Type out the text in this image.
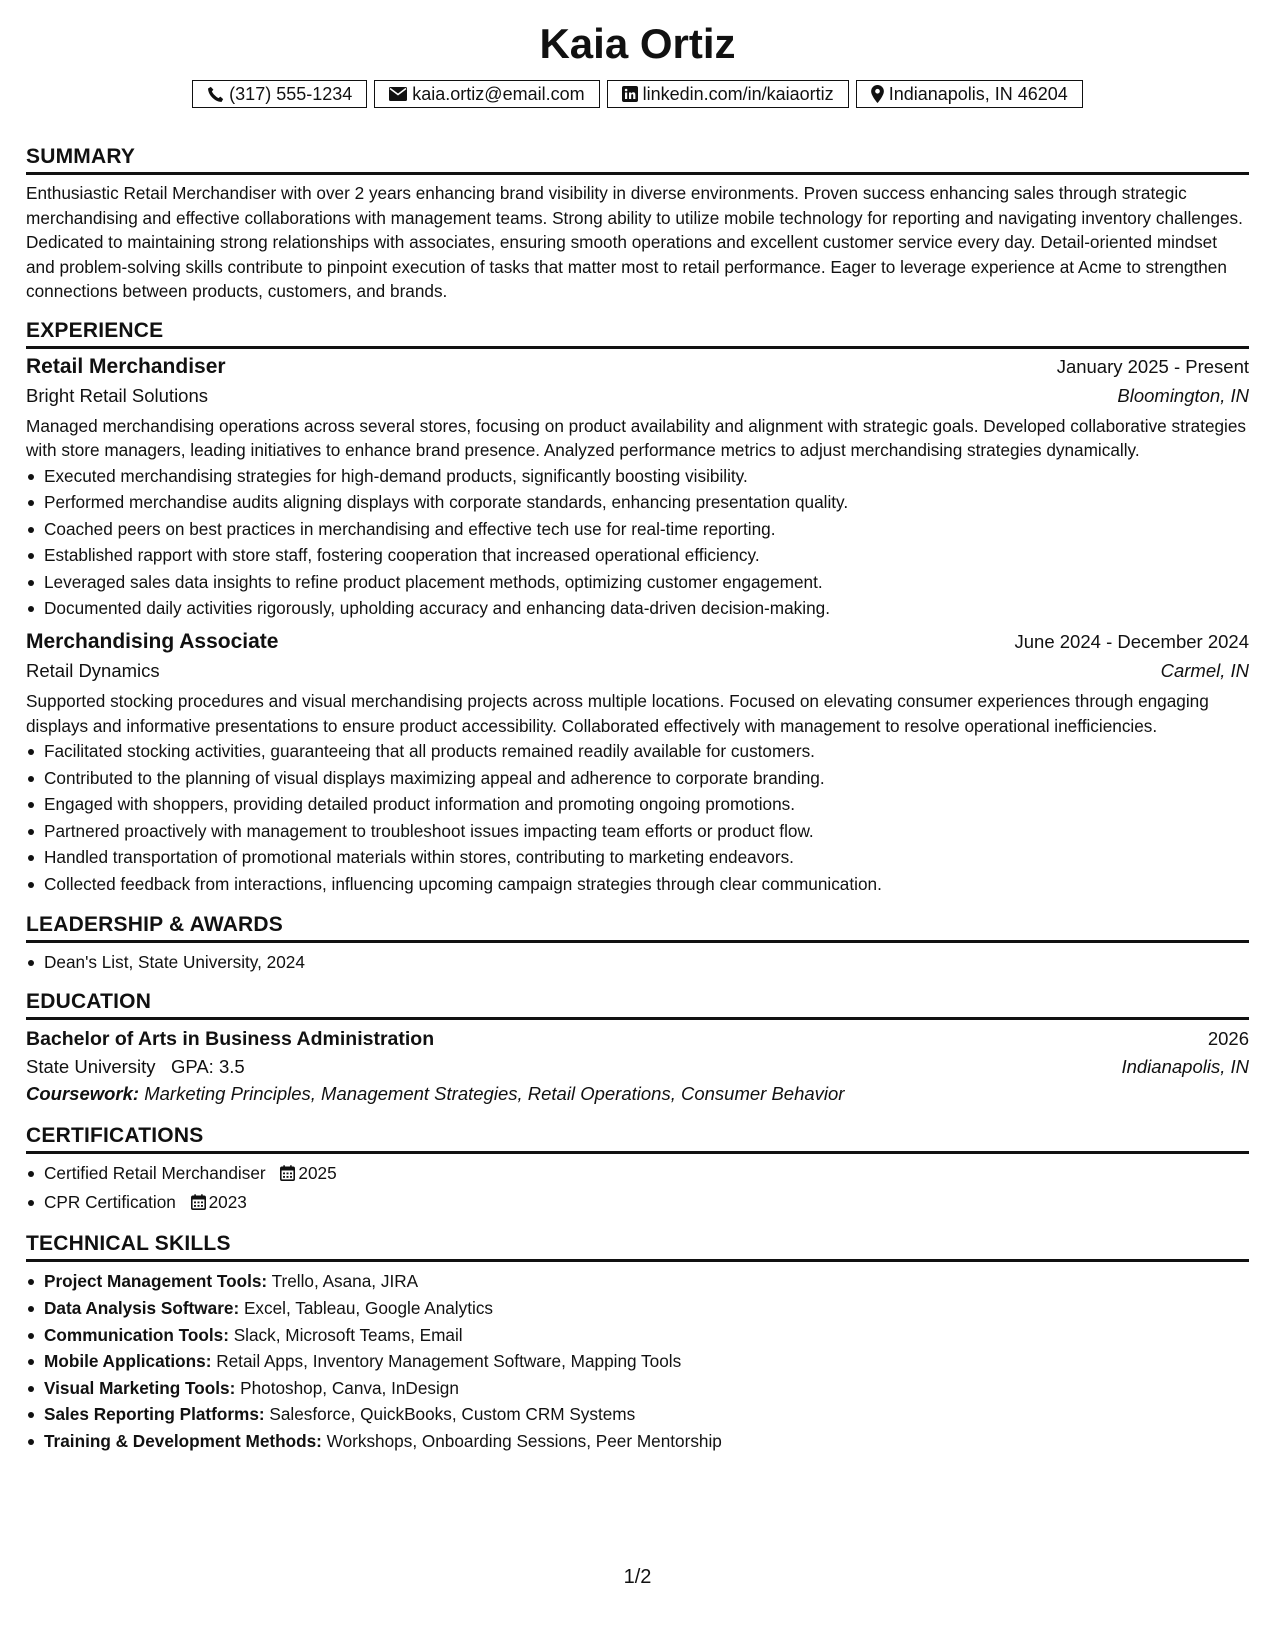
Kaia Ortiz
(317) 555-1234	kaia.ortiz@email.com	linkedin.com/in/kaiaortiz	Indianapolis, IN 46204
SUMMARY

Enthusiastic Retail Merchandiser with over 2 years enhancing brand visibility in diverse environments. Proven success enhancing sales through strategic merchandising and effective collaborations with management teams. Strong ability to utilize mobile technology for reporting and navigating inventory challenges. Dedicated to maintaining strong relationships with associates, ensuring smooth operations and excellent customer service every day. Detail-oriented mindset and problem-solving skills contribute to pinpoint execution of tasks that matter most to retail performance. Eager to leverage experience at Acme to strengthen connections between products, customers, and brands.

EXPERIENCE
Retail Merchandiser	January 2025 - Present
Bright Retail Solutions	Bloomington, IN

Managed merchandising operations across several stores, focusing on product availability and alignment with strategic goals. Developed collaborative strategies with store managers, leading initiatives to enhance brand presence. Analyzed performance metrics to adjust merchandising strategies dynamically.

Executed merchandising strategies for high-demand products, significantly boosting visibility.
Performed merchandise audits aligning displays with corporate standards, enhancing presentation quality.
Coached peers on best practices in merchandising and effective tech use for real-time reporting.
Established rapport with store staff, fostering cooperation that increased operational efficiency.
Leveraged sales data insights to refine product placement methods, optimizing customer engagement.
Documented daily activities rigorously, upholding accuracy and enhancing data-driven decision-making.
Merchandising Associate	June 2024 - December 2024
Retail Dynamics	Carmel, IN

Supported stocking procedures and visual merchandising projects across multiple locations. Focused on elevating consumer experiences through engaging displays and informative presentations to ensure product accessibility. Collaborated effectively with management to resolve operational inefficiencies.

Facilitated stocking activities, guaranteeing that all products remained readily available for customers.
Contributed to the planning of visual displays maximizing appeal and adherence to corporate branding.
Engaged with shoppers, providing detailed product information and promoting ongoing promotions.
Partnered proactively with management to troubleshoot issues impacting team efforts or product flow.
Handled transportation of promotional materials within stores, contributing to marketing endeavors.
Collected feedback from interactions, influencing upcoming campaign strategies through clear communication.
LEADERSHIP & AWARDS
Dean's List, State University, 2024
EDUCATION
Bachelor of Arts in Business Administration	2026
State University GPA: 3.5	Indianapolis, IN
Coursework: Marketing Principles, Management Strategies, Retail Operations, Consumer Behavior
CERTIFICATIONS
Certified Retail Merchandiser 2025
CPR Certification 2023
TECHNICAL SKILLS
Project Management Tools: Trello, Asana, JIRA
Data Analysis Software: Excel, Tableau, Google Analytics
Communication Tools: Slack, Microsoft Teams, Email
Mobile Applications: Retail Apps, Inventory Management Software, Mapping Tools
Visual Marketing Tools: Photoshop, Canva, InDesign
Sales Reporting Platforms: Salesforce, QuickBooks, Custom CRM Systems
Training & Development Methods: Workshops, Onboarding Sessions, Peer Mentorship
1/2
